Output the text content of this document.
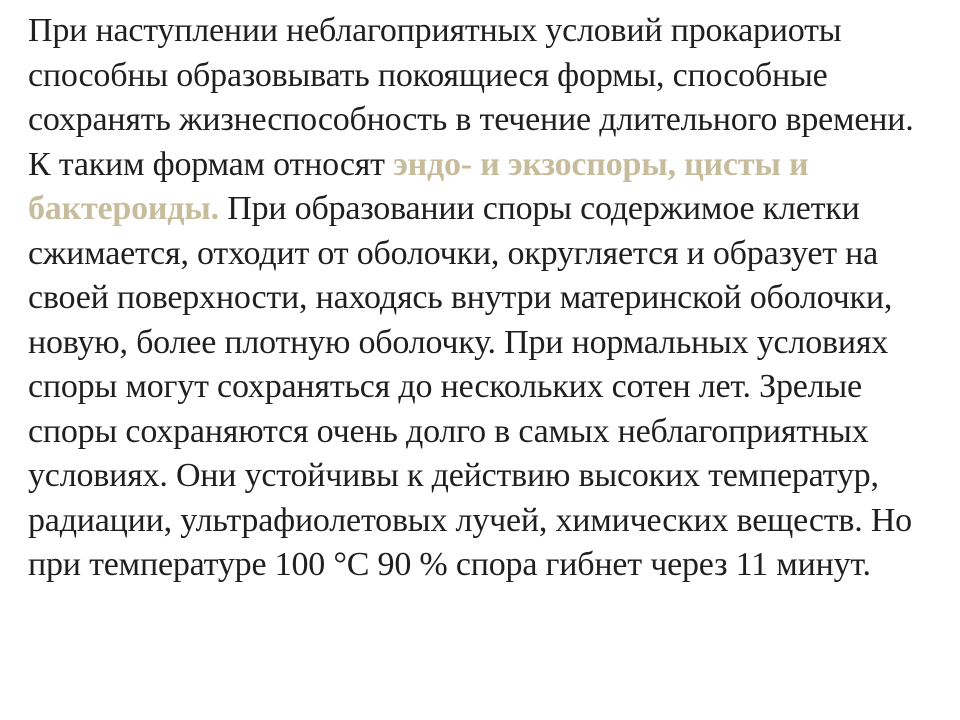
При наступлении неблагоприятных условий прокариоты способны образовывать покоящиеся формы, способные сохранять жизнеспособность в течение длительного времени. К таким формам относят эндо- и экзоспоры, цисты и бактероиды. При образовании споры содержимое клетки сжимается, отходит от оболочки, округляется и образует на своей поверхности, находясь внутри материнской оболочки, новую, более плотную оболочку. При нормальных условиях споры могут сохраняться до нескольких сотен лет. Зрелые споры сохраняются очень долго в самых неблагоприятных условиях. Они устойчивы к действию высоких температур, радиации, ультрафиолетовых лучей, химических веществ. Но при температуре 100 °С 90 % спора гибнет через 11 минут.
